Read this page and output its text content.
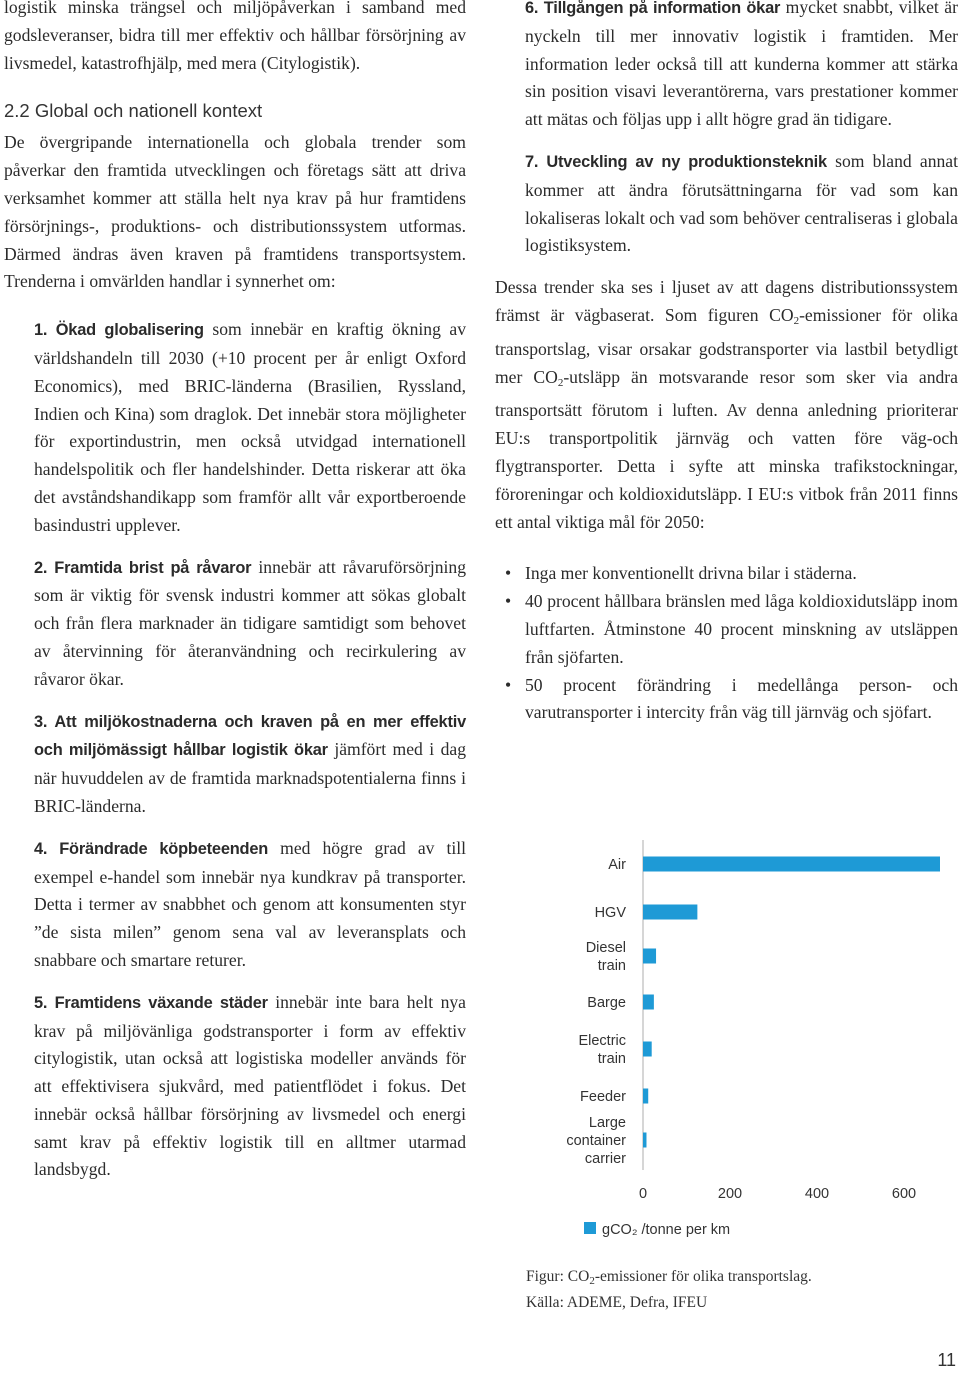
logistik minska trängsel och miljöpåverkan i samband med godsleveranser, bidra till mer effektiv och hållbar försörjning av livsmedel, katastrofhjälp, med mera (Citylogistik).

2.2 Global och nationell kontext

De övergripande internationella och globala trender som påverkar den framtida utvecklingen och företags sätt att driva verksamhet kommer att ställa helt nya krav på hur framtidens försörjnings-, produktions- och distributionssystem utformas. Därmed ändras även kraven på framtidens transportsystem. Trenderna i omvärlden handlar i synnerhet om:

1. Ökad globalisering som innebär en kraftig ökning av världshandeln till 2030 (+10 procent per år enligt Oxford Economics), med BRIC-länderna (Brasilien, Ryssland, Indien och Kina) som draglok. Det innebär stora möjligheter för exportindustrin, men också utvidgad internationell handelspolitik och fler handelshinder. Detta riskerar att öka det avståndshandikapp som framför allt vår exportberoende basindustri upplever.

2. Framtida brist på råvaror innebär att råvaruförsörjning som är viktig för svensk industri kommer att sökas globalt och från flera marknader än tidigare samtidigt som behovet av återvinning för återanvändning och recirkulering av råvaror ökar.

3. Att miljökostnaderna och kraven på en mer effektiv och miljömässigt hållbar logistik ökar jämfört med i dag när huvuddelen av de framtida marknadspotentialerna finns i BRIC-länderna.

4. Förändrade köpbeteenden med högre grad av till exempel e-handel som innebär nya kundkrav på transporter. Detta i termer av snabbhet och genom att konsumenten styr ”de sista milen” genom sena val av leveransplats och snabbare och smartare returer.

5. Framtidens växande städer innebär inte bara helt nya krav på miljövänliga godstransporter i form av effektiv citylogistik, utan också att logistiska modeller används för att effektivisera sjukvård, med patientflödet i fokus. Det innebär också hållbar försörjning av livsmedel och energi samt krav på effektiv logistik till en alltmer utarmad landsbygd.

6. Tillgången på information ökar mycket snabbt, vilket är nyckeln till mer innovativ logistik i framtiden. Mer information leder också till att kunderna kommer att stärka sin position visavi leverantörerna, vars prestationer kommer att mätas och följas upp i allt högre grad än tidigare.

7. Utveckling av ny produktionsteknik som bland annat kommer att ändra förutsättningarna för vad som kan lokaliseras lokalt och vad som behöver centraliseras i globala logistiksystem.

Dessa trender ska ses i ljuset av att dagens distributionssystem främst är vägbaserat. Som figuren $CO_2$-emissioner för olika transportslag, visar orsakar godstransporter via lastbil betydligt mer $CO_2$-utsläpp än motsvarande resor som sker via andra transportsätt förutom i luften. Av denna anledning prioriterar EU:s transportpolitik järnväg och vatten före väg-och flygtransporter. Detta i syfte att minska trafikstockningar, föroreningar och koldioxidutsläpp. I EU:s vitbok från 2011 finns ett antal viktiga mål för 2050:

• Inga mer konventionellt drivna bilar i städerna.
• 40 procent hållbara bränslen med låga koldioxidutsläpp inom luftfarten. Åtminstone 40 procent minskning av utsläppen från sjöfarten.
• 50 procent förändring i medellånga person- och varutransporter i intercity från väg till järnväg och sjöfart.
Air
HGV
Diesel
train
Barge
Electric
train
Feeder
Large
container
carrier
0	200	400	600
gCO₂ /tonne per km
Figur: $CO_2$-emissioner för olika transportslag.
Källa: ADEME, Defra, IFEU
11
